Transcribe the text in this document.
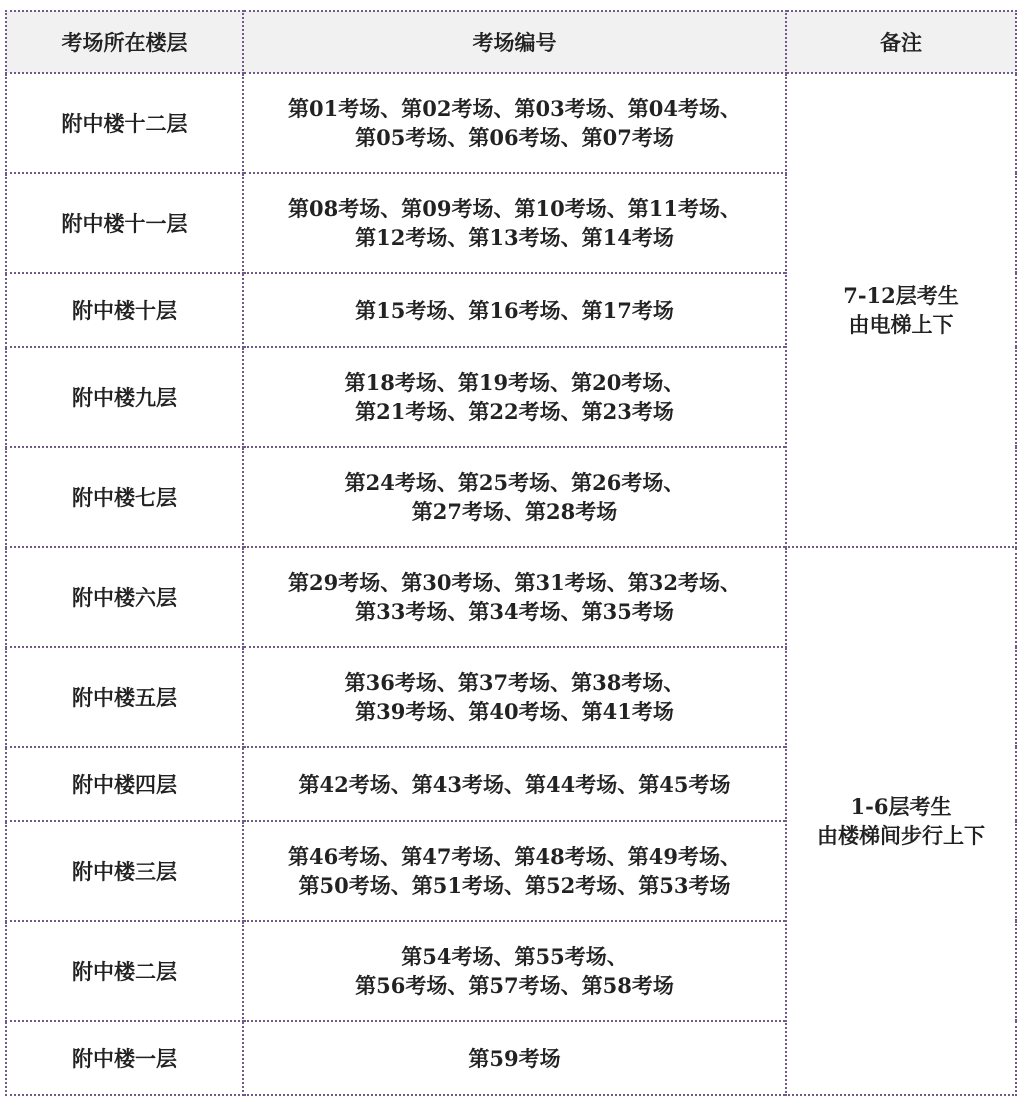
考场所在楼层	考场编号	备注
附中楼十二层	第01考场、第02考场、第03考场、第04考场、
第05考场、第06考场、第07考场	7-12层考生
由电梯上下

附中楼十一层	第08考场、第09考场、第10考场、第11考场、
第12考场、第13考场、第14考场	

附中楼十层	第15考场、第16考场、第17考场	

附中楼九层	第18考场、第19考场、第20考场、
第21考场、第22考场、第23考场	

附中楼七层	第24考场、第25考场、第26考场、
第27考场、第28考场	

附中楼六层	第29考场、第30考场、第31考场、第32考场、
第33考场、第34考场、第35考场	1-6层考生
由楼梯间步行上下

附中楼五层	第36考场、第37考场、第38考场、
第39考场、第40考场、第41考场	

附中楼四层	第42考场、第43考场、第44考场、第45考场	

附中楼三层	第46考场、第47考场、第48考场、第49考场、
第50考场、第51考场、第52考场、第53考场	

附中楼二层	第54考场、第55考场、
第56考场、第57考场、第58考场	

附中楼一层	第59考场	
